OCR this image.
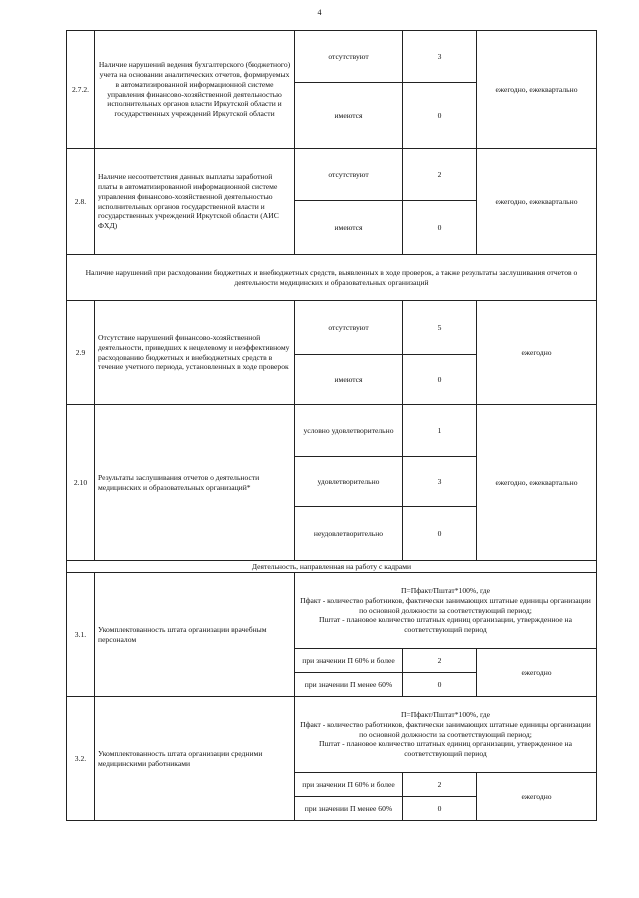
4
2.7.2.	Наличие нарушений ведения бухгалтерского (бюджетного) учета на основании аналитических отчетов, формируемых в автоматизированной информационной системе управления финансово-хозяйственной деятельностью исполнительных органов власти Иркутской области и государственных учреждений Иркутской области	отсутствуют	3	ежегодно, ежеквартально
		имеются	0	
2.8.	Наличие несоответствия данных выплаты заработной платы в автоматизированной информационной системе управления финансово-хозяйственной деятельностью исполнительных органов государственной власти и государственных учреждений Иркутской области (АИС ФХД)	отсутствуют	2	ежегодно, ежеквартально
		имеются	0	
Наличие нарушений при расходовании бюджетных и внебюджетных средств, выявленных в ходе проверок, а также результаты заслушивания отчетов о деятельности медицинских и образовательных организаций				
2.9	Отсутствие нарушений финансово-хозяйственной деятельности, приведших к нецелевому и неэффективному расходованию бюджетных и внебюджетных средств в течение учетного периода, установленных в ходе проверок	отсутствуют	5	ежегодно
		имеются	0	
2.10	Результаты заслушивания отчетов о деятельности медицинских и образовательных организаций*	условно удовлетворительно	1	ежегодно, ежеквартально
		удовлетворительно	3	
		неудовлетворительно	0	
Деятельность, направленная на работу с кадрами				
3.1.	Укомплектованность штата организации врачебным персоналом	П=Пфакт/Пштат*100%, где

Пфакт - количество работников, фактически занимающих штатные единицы организации по основной должности за соответствующий период;

Пштат - плановое количество штатных единиц организации, утвержденное на соответствующий период		

		при значении П 60% и более	2	ежегодно
		при значении П менее 60%	0	
3.2.	Укомплектованность штата организации средними медицинскими работниками	П=Пфакт/Пштат*100%, где

Пфакт - количество работников, фактически занимающих штатные единицы организации по основной должности за соответствующий период;

Пштат - плановое количество штатных единиц организации, утвержденное на соответствующий период		

		при значении П 60% и более	2	ежегодно
		при значении П менее 60%	0	
